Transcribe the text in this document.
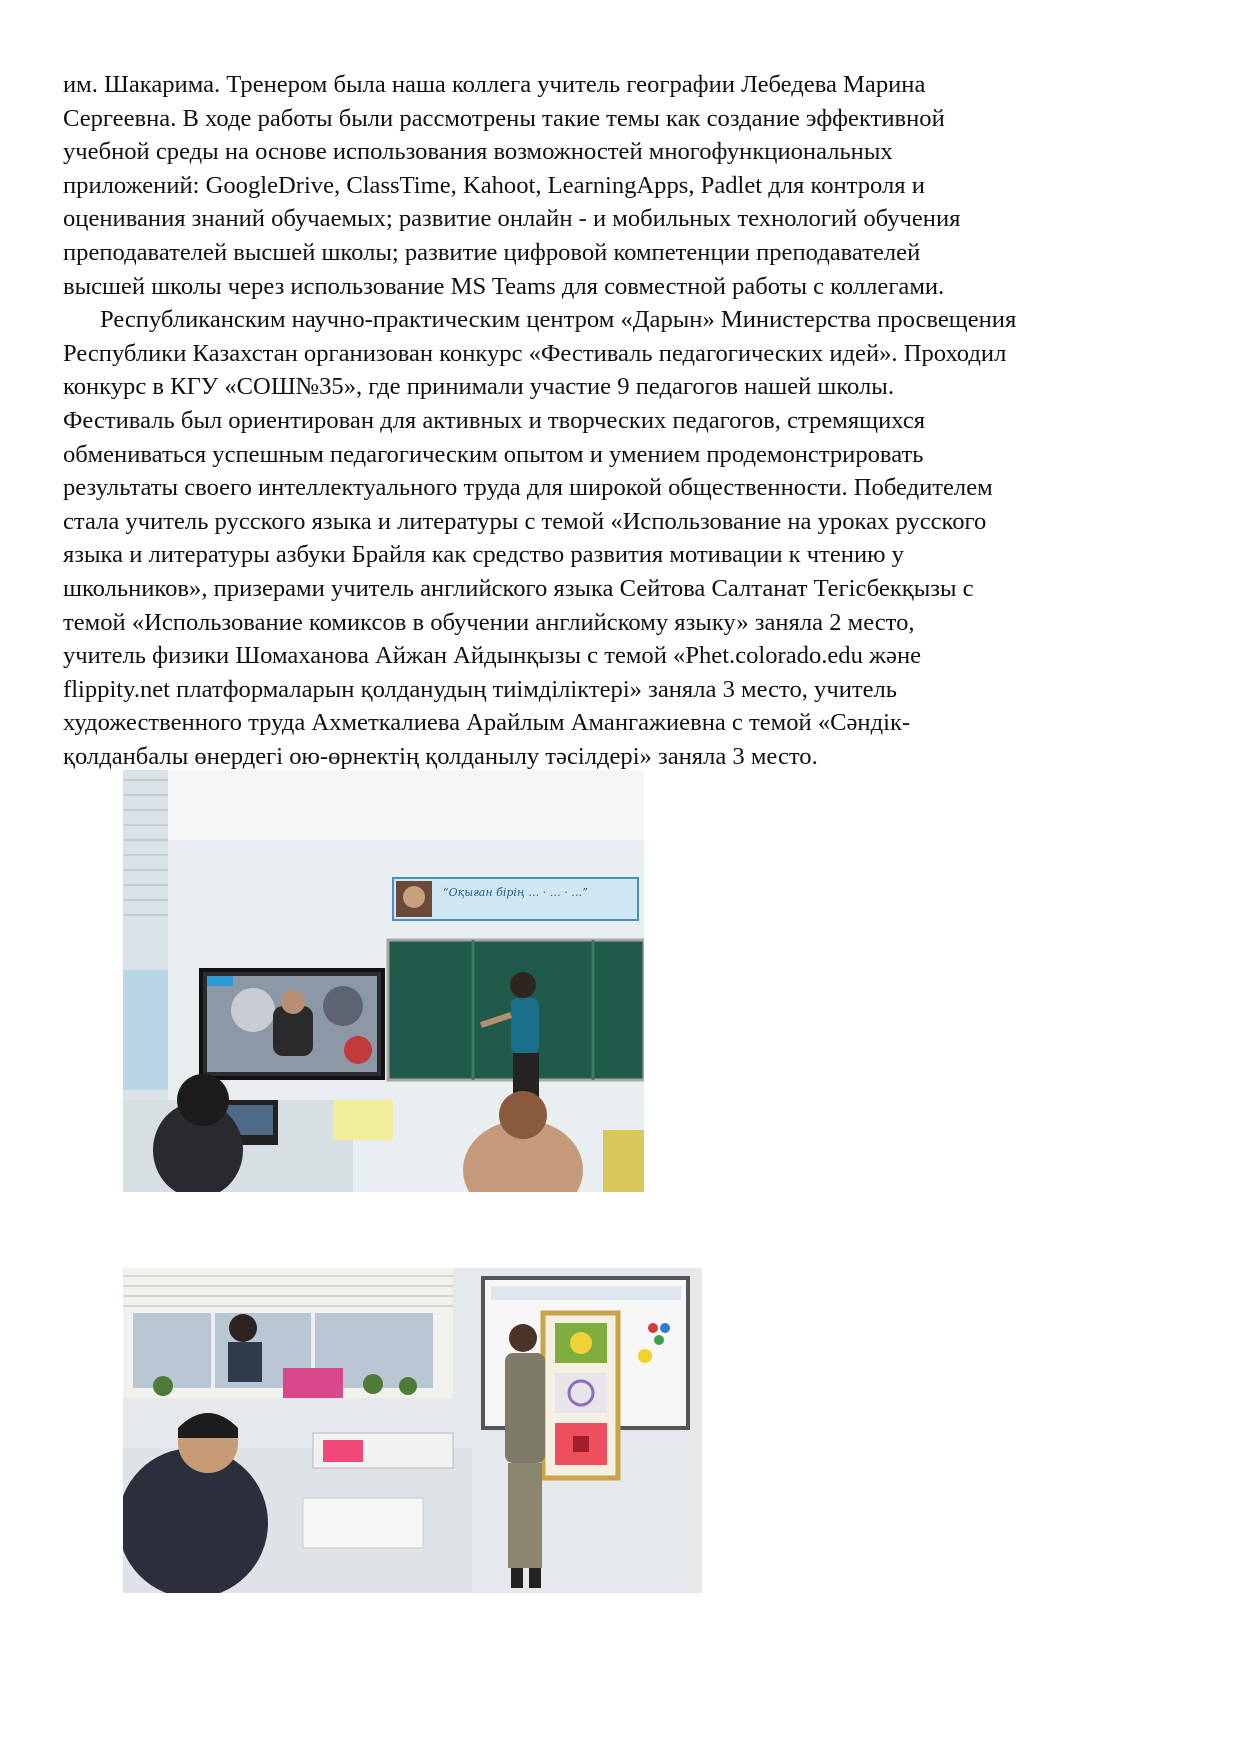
им. Шакарима. Тренером была наша коллега учитель географии Лебедева Марина
Сергеевна. В ходе работы были рассмотрены такие темы как создание эффективной
учебной среды на основе использования возможностей многофункциональных
приложений: GoogleDrive, ClassTime, Kahoot, LearningApps, Padlet для контроля и
оценивания знаний обучаемых; развитие онлайн - и мобильных технологий обучения
преподавателей высшей школы; развитие цифровой компетенции преподавателей
высшей школы через использование MS Teams для совместной работы с коллегами.
Республиканским научно-практическим центром «Дарын» Министерства просвещения
Республики Казахстан организован конкурс «Фестиваль педагогических идей». Проходил
конкурс в КГУ «СОШ№35», где принимали участие 9 педагогов нашей школы.
Фестиваль был ориентирован для активных и творческих педагогов, стремящихся
обмениваться успешным педагогическим опытом и умением продемонстрировать
результаты своего интеллектуального труда для широкой общественности. Победителем
стала учитель русского языка и литературы с темой «Использование на уроках русского
языка и литературы азбуки Брайля как средство развития мотивации к чтению у
школьников», призерами учитель английского языка Сейтова Салтанат Тегісбекқызы с
темой «Использование комиксов в обучении английскому языку» заняла 2 место,
учитель физики Шомаханова Айжан Айдынқызы с темой «Phet.colorado.edu және
flippity.net платформаларын қолданудың тиімділіктері» заняла 3 место, учитель
художественного труда Ахметкалиева Арайлым Амангажиевна с темой «Сәндік-
қолданбалы өнердегі ою-өрнектің қолданылу тәсілдері» заняла 3 место.
“Оқыған бірің … · … · …”
